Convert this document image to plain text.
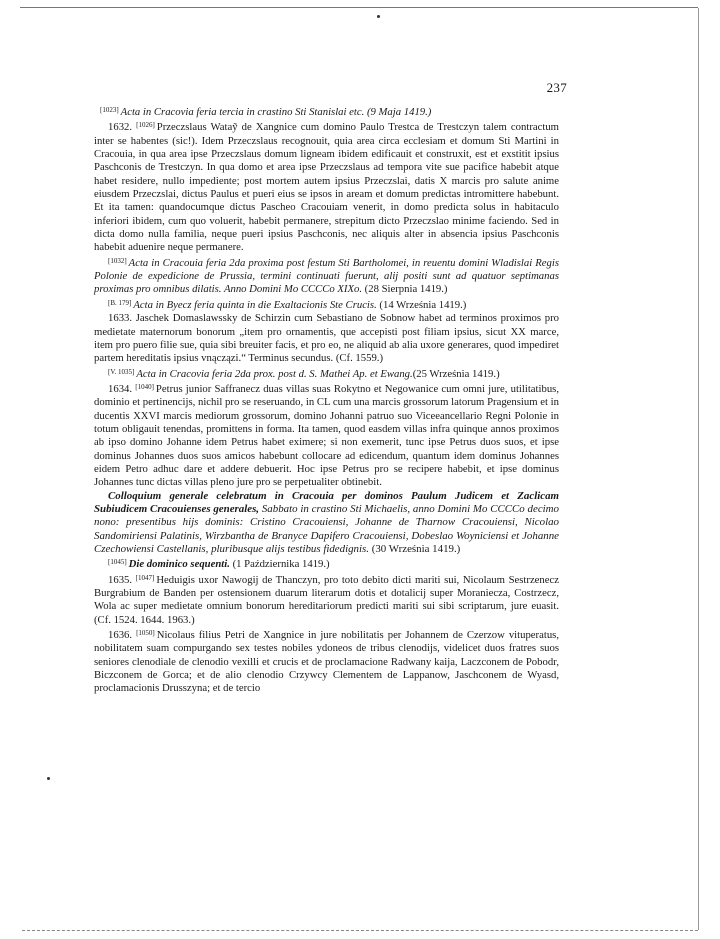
237

[1023] Acta in Cracovia feria tercia in crastino Sti Stanislai etc. (9 Maja 1419.)

1632. [1026] Przeczslaus Wataỹ de Xangnice cum domino Paulo Trestca de Trestczyn talem contractum inter se habentes (sic!). Idem Przeczslaus recognouit, quia area circa ecclesiam et domum Sti Martini in Cracouia, in qua area ipse Przeczslaus domum ligneam ibidem edificauit et construxit, est et exstitit ipsius Paschconis de Trestczyn. In qua domo et area ipse Przeczslaus ad tempora vite sue pacifice habebit atque habet residere, nullo impediente; post mortem autem ipsius Przeczslai, datis X marcis pro salute anime eiusdem Przeczslai, dictus Paulus et pueri eius se ipsos in aream et domum predictas intromittere habebunt. Et ita tamen: quandocumque dictus Pascheo Cracouiam venerit, in domo predicta solus in habitaculo inferiori ibidem, cum quo voluerit, habebit permanere, strepitum dicto Przeczslao minime faciendo. Sed in dicta domo nulla familia, neque pueri ipsius Paschconis, nec aliquis alter in absencia ipsius Paschconis habebit aduenire neque permanere.

[1032] Acta in Cracouia feria 2da proxima post festum Sti Bartholomei, in reuentu domini Wladislai Regis Polonie de expedicione de Prussia, termini continuati fuerunt, alij positi sunt ad quatuor septimanas proximas pro omnibus dilatis. Anno Domini Mo CCCCo XIXo. (28 Sierpnia 1419.)

[B. 179] Acta in Byecz feria quinta in die Exaltacionis Ste Crucis. (14 Września 1419.)

1633. Jaschek Domaslawssky de Schirzin cum Sebastiano de Sobnow habet ad terminos proximos pro medietate maternorum bonorum „item pro ornamentis, que accepisti post filiam ipsius, sicut XX marce, item pro puero filie sue, quia sibi breuiter facis, et pro eo, ne aliquid ab alia uxore generares, quod impediret partem hereditatis ipsius vnączązi.“ Terminus secundus. (Cf. 1559.)

[V. 1035] Acta in Cracovia feria 2da prox. post d. S. Mathei Ap. et Ewang.(25 Września 1419.)

1634. [1040] Petrus junior Saffranecz duas villas suas Rokytno et Negowanice cum omni jure, utilitatibus, dominio et pertinencijs, nichil pro se reseruando, in CL cum una marcis grossorum latorum Pragensium et in ducentis XXVI marcis mediorum grossorum, domino Johanni patruo suo Viceeancellario Regni Polonie in totum obligauit tenendas, promittens in forma. Ita tamen, quod easdem villas infra quinque annos proximos ab ipso domino Johanne idem Petrus habet eximere; si non exemerit, tunc ipse Petrus duos suos, et ipse dominus Johannes duos suos amicos habebunt collocare ad edicendum, quantum idem dominus Johannes eidem Petro adhuc dare et addere debuerit. Hoc ipse Petrus pro se recipere habebit, et ipse dominus Johannes tunc dictas villas pleno jure pro se perpetualiter obtinebit.

Colloquium generale celebratum in Cracouia per dominos Paulum Judicem et Zaclicam Subiudicem Cracouienses generales, Sabbato in crastino Sti Michaelis, anno Domini Mo CCCCo decimo nono: presentibus hijs dominis: Cristino Cracouiensi, Johanne de Tharnow Cracouiensi, Nicolao Sandomiriensi Palatinis, Wirzbantha de Branyce Dapifero Cracouiensi, Dobeslao Woyniciensi et Johanne Czechowiensi Castellanis, pluribusque alijs testibus fidedignis. (30 Września 1419.)

[1045] Die dominico sequenti. (1 Października 1419.)

1635. [1047] Heduigis uxor Nawogij de Thanczyn, pro toto debito dicti mariti sui, Nicolaum Sestrzenecz Burgrabium de Banden per ostensionem duarum literarum dotis et dotalicij super Moraniecza, Costrzecz, Wola ac super medietate omnium bonorum hereditariorum predicti mariti sui sibi scriptarum, jure euasit. (Cf. 1524. 1644. 1963.)

1636. [1050] Nicolaus filius Petri de Xangnice in jure nobilitatis per Johannem de Czerzow vituperatus, nobilitatem suam compurgando sex testes nobiles ydoneos de tribus clenodijs, videlicet duos fratres suos seniores clenodiale de clenodio vexilli et crucis et de proclamacione Radwany kaija, Laczconem de Pobodr, Biczconem de Gorca; et de alio clenodio Crzywcy Clementem de Lappanow, Jaschconem de Wyasd, proclamacionis Drusszyna; et de tercio
